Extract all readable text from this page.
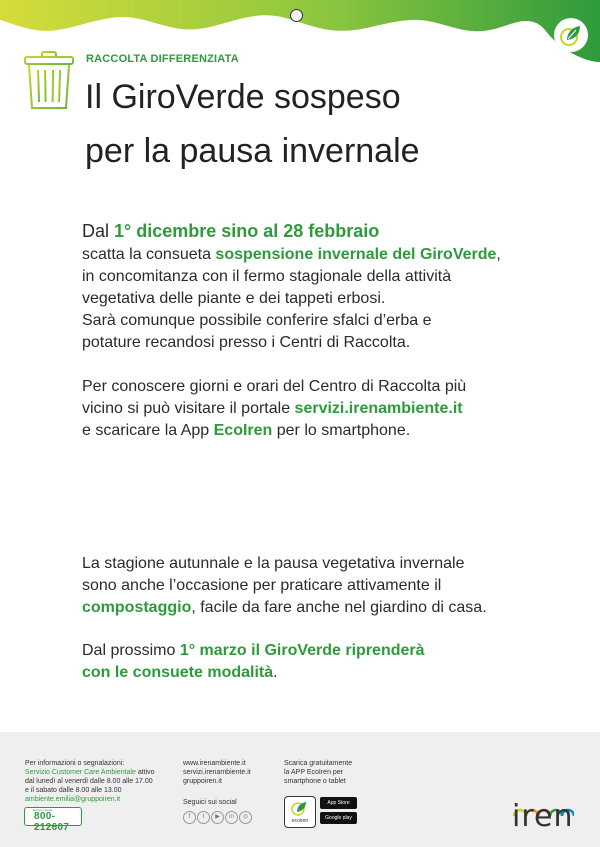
RACCOLTA DIFFERENZIATA
Il GiroVerde sospeso
per la pausa invernale
Dal 1° dicembre sino al 28 febbraio
scatta la consueta sospensione invernale del GiroVerde,
in concomitanza con il fermo stagionale della attività
vegetativa delle piante e dei tappeti erbosi.
Sarà comunque possibile conferire sfalci d’erba e
potature recandosi presso i Centri di Raccolta.
Per conoscere giorni e orari del Centro di Raccolta più
vicino si può visitare il portale servizi.irenambiente.it
e scaricare la App EcoIren per lo smartphone.
La stagione autunnale e la pausa vegetativa invernale
sono anche l’occasione per praticare attivamente il
compostaggio, facile da fare anche nel giardino di casa.
Dal prossimo 1° marzo il GiroVerde riprenderà
con le consuete modalità.
Per informazioni o segnalazioni:
Servizio Customer Care Ambientale attivo
dal lunedì al venerdì dalle 8.00 alle 17.00
e il sabato dalle 8.00 alle 13.00
ambiente.emilia@gruppoiren.it
Numero Verde
800-212607
www.irenambiente.it
servizi.irenambiente.it
gruppoiren.it
Seguici sui social
f	t	▶	in	◎
Scarica gratuitamente
la APP EcoIren per
smartphone o tablet
ecoiren
App Store
Google play	iren
